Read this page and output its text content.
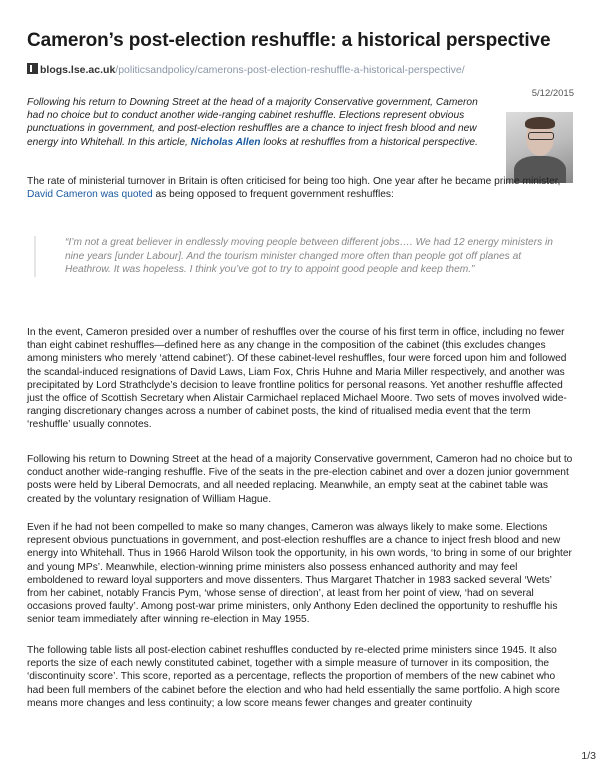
Cameron’s post-election reshuffle: a historical perspective
blogs.lse.ac.uk/politicsandpolicy/camerons-post-election-reshuffle-a-historical-perspective/
5/12/2015
Following his return to Downing Street at the head of a majority Conservative government, Cameron had no choice but to conduct another wide-ranging cabinet reshuffle. Elections represent obvious punctuations in government, and post-election reshuffles are a chance to inject fresh blood and new energy into Whitehall. In this article, Nicholas Allen looks at reshuffles from a historical perspective.
The rate of ministerial turnover in Britain is often criticised for being too high. One year after he became prime minister, David Cameron was quoted as being opposed to frequent government reshuffles:
“I’m not a great believer in endlessly moving people between different jobs…. We had 12 energy ministers in nine years [under Labour]. And the tourism minister changed more often than people got off planes at Heathrow. It was hopeless. I think you’ve got to try to appoint good people and keep them.”
In the event, Cameron presided over a number of reshuffles over the course of his first term in office, including no fewer than eight cabinet reshuffles—defined here as any change in the composition of the cabinet (this excludes changes among ministers who merely ‘attend cabinet’). Of these cabinet-level reshuffles, four were forced upon him and followed the scandal-induced resignations of David Laws, Liam Fox, Chris Huhne and Maria Miller respectively, and another was precipitated by Lord Strathclyde’s decision to leave frontline politics for personal reasons. Yet another reshuffle affected just the office of Scottish Secretary when Alistair Carmichael replaced Michael Moore. Two sets of moves involved wide-ranging discretionary changes across a number of cabinet posts, the kind of ritualised media event that the term ‘reshuffle’ usually connotes.
Following his return to Downing Street at the head of a majority Conservative government, Cameron had no choice but to conduct another wide-ranging reshuffle. Five of the seats in the pre-election cabinet and over a dozen junior government posts were held by Liberal Democrats, and all needed replacing. Meanwhile, an empty seat at the cabinet table was created by the voluntary resignation of William Hague.
Even if he had not been compelled to make so many changes, Cameron was always likely to make some. Elections represent obvious punctuations in government, and post-election reshuffles are a chance to inject fresh blood and new energy into Whitehall. Thus in 1966 Harold Wilson took the opportunity, in his own words, ‘to bring in some of our brighter and young MPs’. Meanwhile, election-winning prime ministers also possess enhanced authority and may feel emboldened to reward loyal supporters and move dissenters. Thus Margaret Thatcher in 1983 sacked several ‘Wets’ from her cabinet, notably Francis Pym, ‘whose sense of direction’, at least from her point of view, ‘had on several occasions proved faulty’. Among post-war prime ministers, only Anthony Eden declined the opportunity to reshuffle his senior team immediately after winning re-election in May 1955.
The following table lists all post-election cabinet reshuffles conducted by re-elected prime ministers since 1945. It also reports the size of each newly constituted cabinet, together with a simple measure of turnover in its composition, the ‘discontinuity score’. This score, reported as a percentage, reflects the proportion of members of the new cabinet who had been full members of the cabinet before the election and who had held essentially the same portfolio. A high score means more changes and less continuity; a low score means fewer changes and greater continuity
1/3
